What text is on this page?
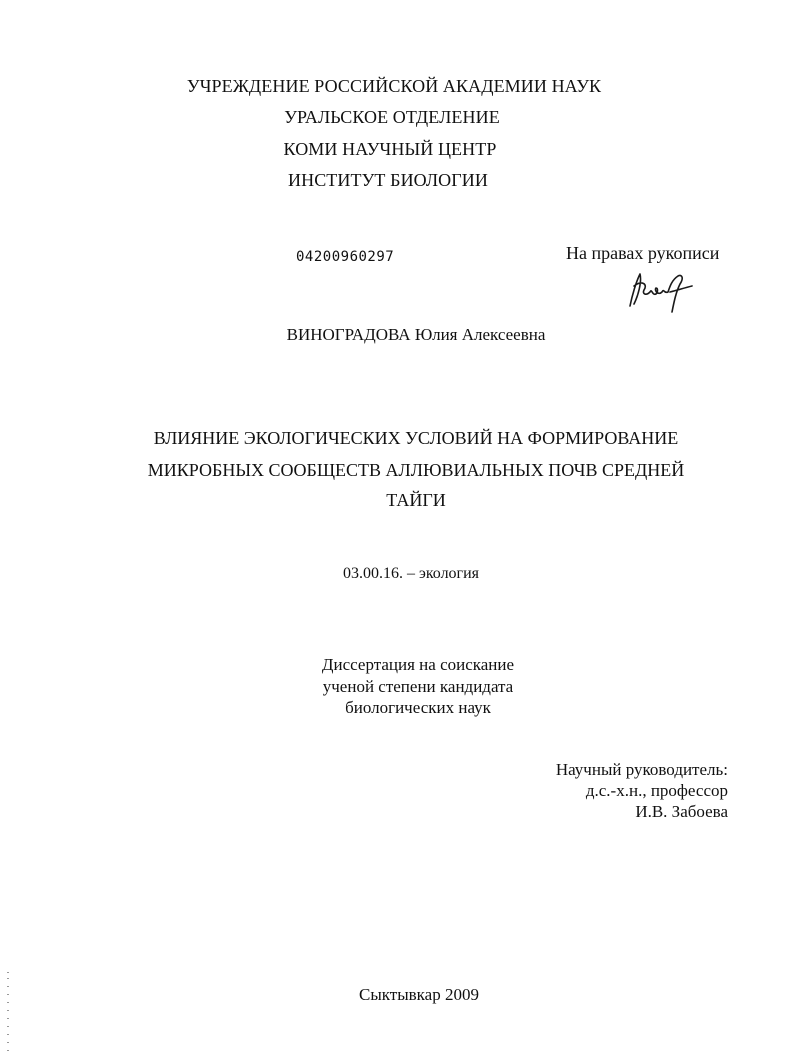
УЧРЕЖДЕНИЕ РОССИЙСКОЙ АКАДЕМИИ НАУК
УРАЛЬСКОЕ ОТДЕЛЕНИЕ
КОМИ НАУЧНЫЙ ЦЕНТР
ИНСТИТУТ БИОЛОГИИ
04200960297	На правах рукописи
ВИНОГРАДОВА Юлия Алексеевна
ВЛИЯНИЕ ЭКОЛОГИЧЕСКИХ УСЛОВИЙ НА ФОРМИРОВАНИЕ
МИКРОБНЫХ СООБЩЕСТВ АЛЛЮВИАЛЬНЫХ ПОЧВ СРЕДНЕЙ
ТАЙГИ
03.00.16. – экология
Диссертация на соискание
ученой степени кандидата
биологических наук
Научный руководитель:
д.с.-х.н., профессор
И.В. Забоева
Сыктывкар 2009
